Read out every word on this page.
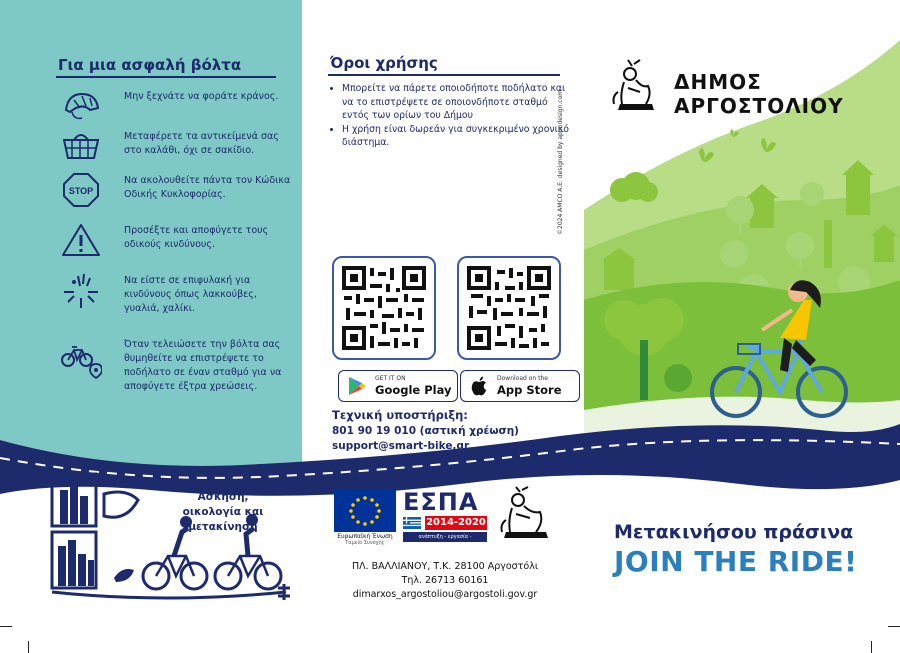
Για μια ασφαλή βόλτα
Μην ξεχνάτε να φοράτε κράνος.
Μεταφέρετε τα αντικείμενά σας στο καλάθι, όχι σε σακίδιο.
STOP
Να ακολουθείτε πάντα τον Κώδικα Οδικής Κυκλοφορίας.
Προσέξτε και αποφύγετε τους οδικούς κινδύνους.
Να είστε σε επιφυλακή για κινδύνους όπως λακκούβες, γυαλιά, χαλίκι.
Όταν τελειώσετε την βόλτα σας θυμηθείτε να επιστρέψετε το ποδήλατο σε έναν σταθμό για να αποφύγετε έξτρα χρεώσεις.
Όροι χρήσης
• Μπορείτε να πάρετε οποιοδήποτε ποδήλατο και να το επιστρέψετε σε οποιονδήποτε σταθμό εντός των ορίων του Δήμου
• Η χρήση είναι δωρεάν για συγκεκριμένο χρονικό διάστημα.	©2024 AMCO A.E. designed by appndesign.com
GET IT ON
Google Play
Download on the
App Store
Τεχνική υποστήριξη:
801 90 19 010 (αστική χρέωση)
support@smart-bike.gr
ΔΗΜΟΣ
ΑΡΓΟΣΤΟΛΙΟΥ
Άσκηση, οικολογία και μετακίνηση
Ευρωπαϊκή Ένωση
Ταμείο Συνοχής
ΕΣΠΑ
2014-2020
ανάπτυξη - εργασία - αλληλεγγύη
ΠΛ. ΒΑΛΛΙΑΝΟΥ, Τ.Κ. 28100 Αργοστόλι
Τηλ. 26713 60161
dimarxos_argostoliou@argostoli.gov.gr
Μετακινήσου πράσινα
JOIN THE RIDE!
